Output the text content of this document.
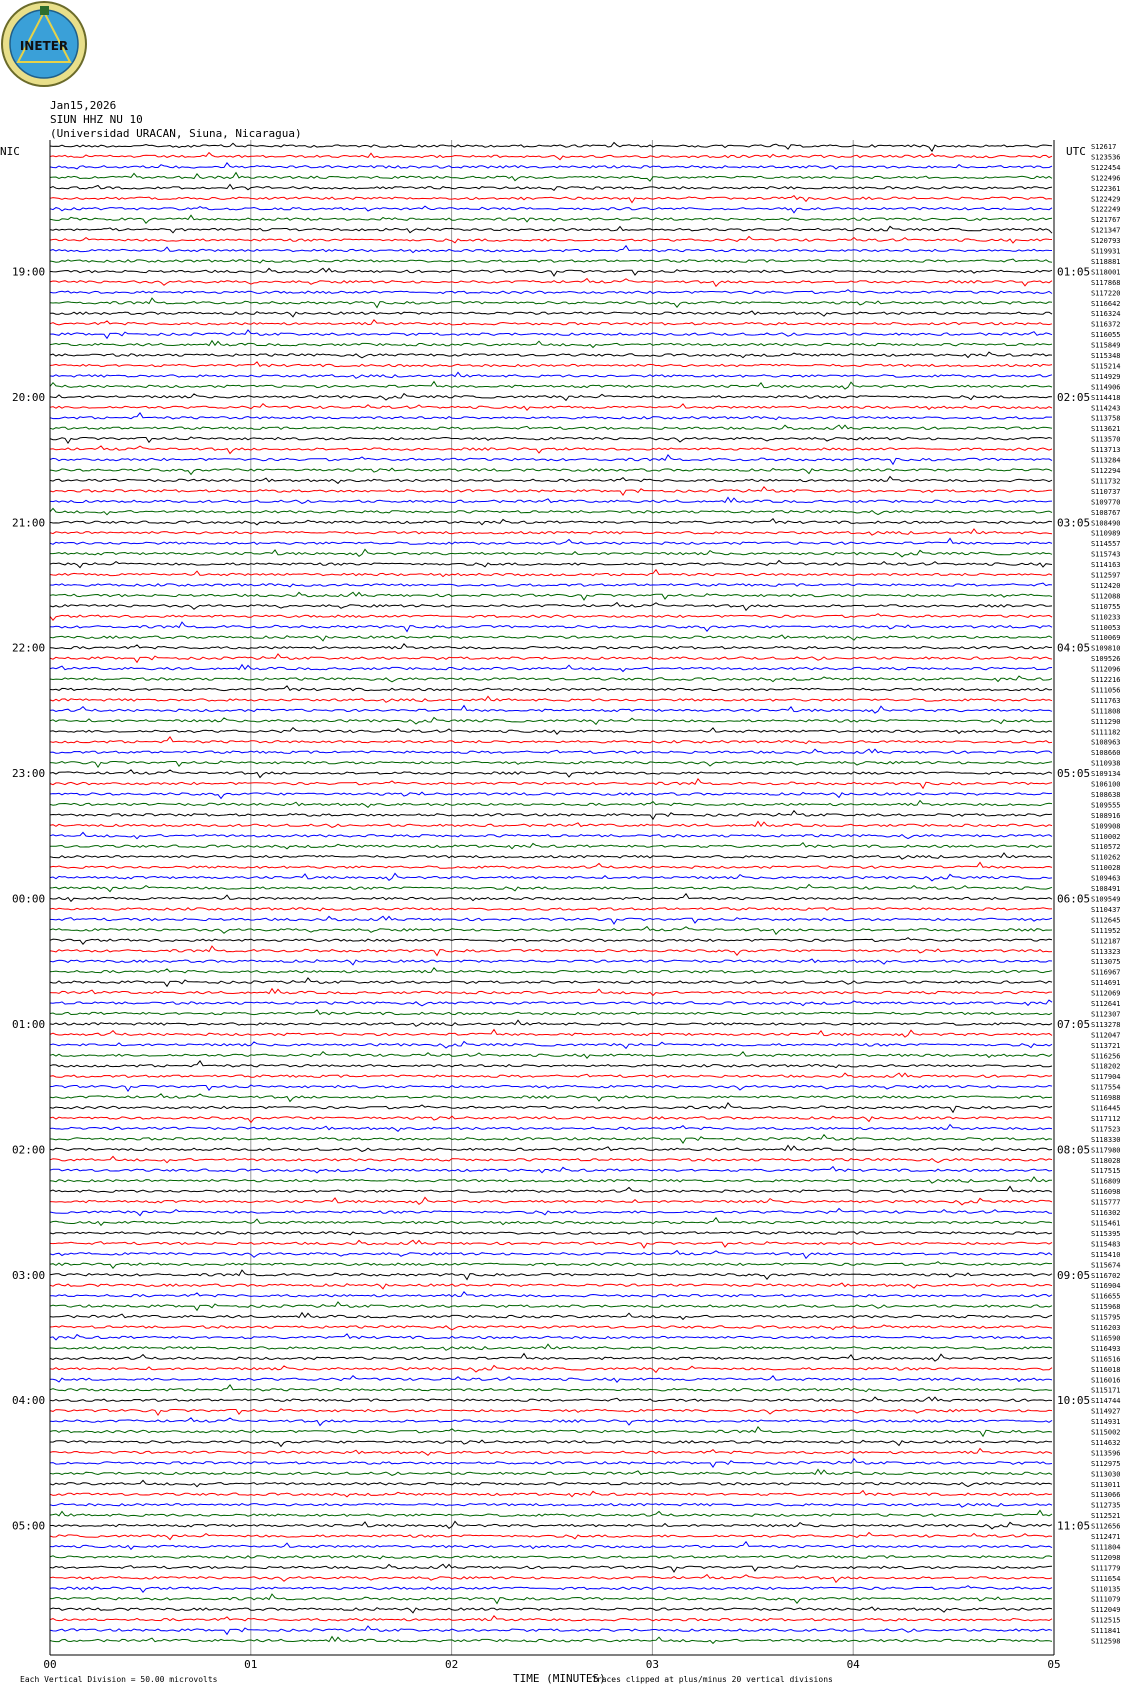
19:00
20:00
21:00
22:00
23:00
00:00
01:00
02:00
03:00
04:00
05:00
01:05
02:05
03:05
04:05
05:05
06:05
07:05
08:05
09:05
10:05
11:05
S12617
S123536
S122454
S122496
S122361
S122429
S122249
S121767
S121347
S120793
S119931
S118881
S118001
S117868
S117220
S116642
S116324
S116372
S116055
S115849
S115348
S115214
S114929
S114906
S114418
S114243
S113758
S113621
S113570
S113713
S113284
S112294
S111732
S110737
S109770
S108767
S108490
S110989
S114557
S115743
S114163
S112597
S112420
S112088
S110755
S110233
S110053
S110069
S109810
S109526
S112096
S112216
S111056
S111763
S111808
S111290
S111182
S108963
S108660
S110938
S109134
S106100
S108638
S109555
S108916
S109908
S110002
S110572
S110262
S110028
S109463
S108491
S109549
S110437
S112645
S111952
S112187
S113323
S113075
S116967
S114691
S112069
S112641
S112307
S113278
S112047
S113721
S116256
S118202
S117904
S117554
S116988
S116445
S117112
S117523
S118330
S117980
S118028
S117515
S116809
S116098
S115777
S116302
S115461
S115395
S115483
S115410
S115674
S116702
S116904
S116655
S115968
S115795
S116203
S116590
S116493
S116516
S116018
S116016
S115171
S114744
S114927
S114931
S115002
S114632
S113596
S112975
S113030
S113011
S113066
S112735
S112521
S112656
S112471
S111804
S112098
S111779
S111654
S110135
S111079
S112049
S112515
S111841
S112598
00	01	02	03	04	05
NIC	UTC
TIME (MINUTES)
Each Vertical Division = 50.00 microvolts	Traces clipped at plus/minus 20 vertical divisions
INETER
Jan15,2026
SIUN HHZ NU 10
(Universidad URACAN, Siuna, Nicaragua)
